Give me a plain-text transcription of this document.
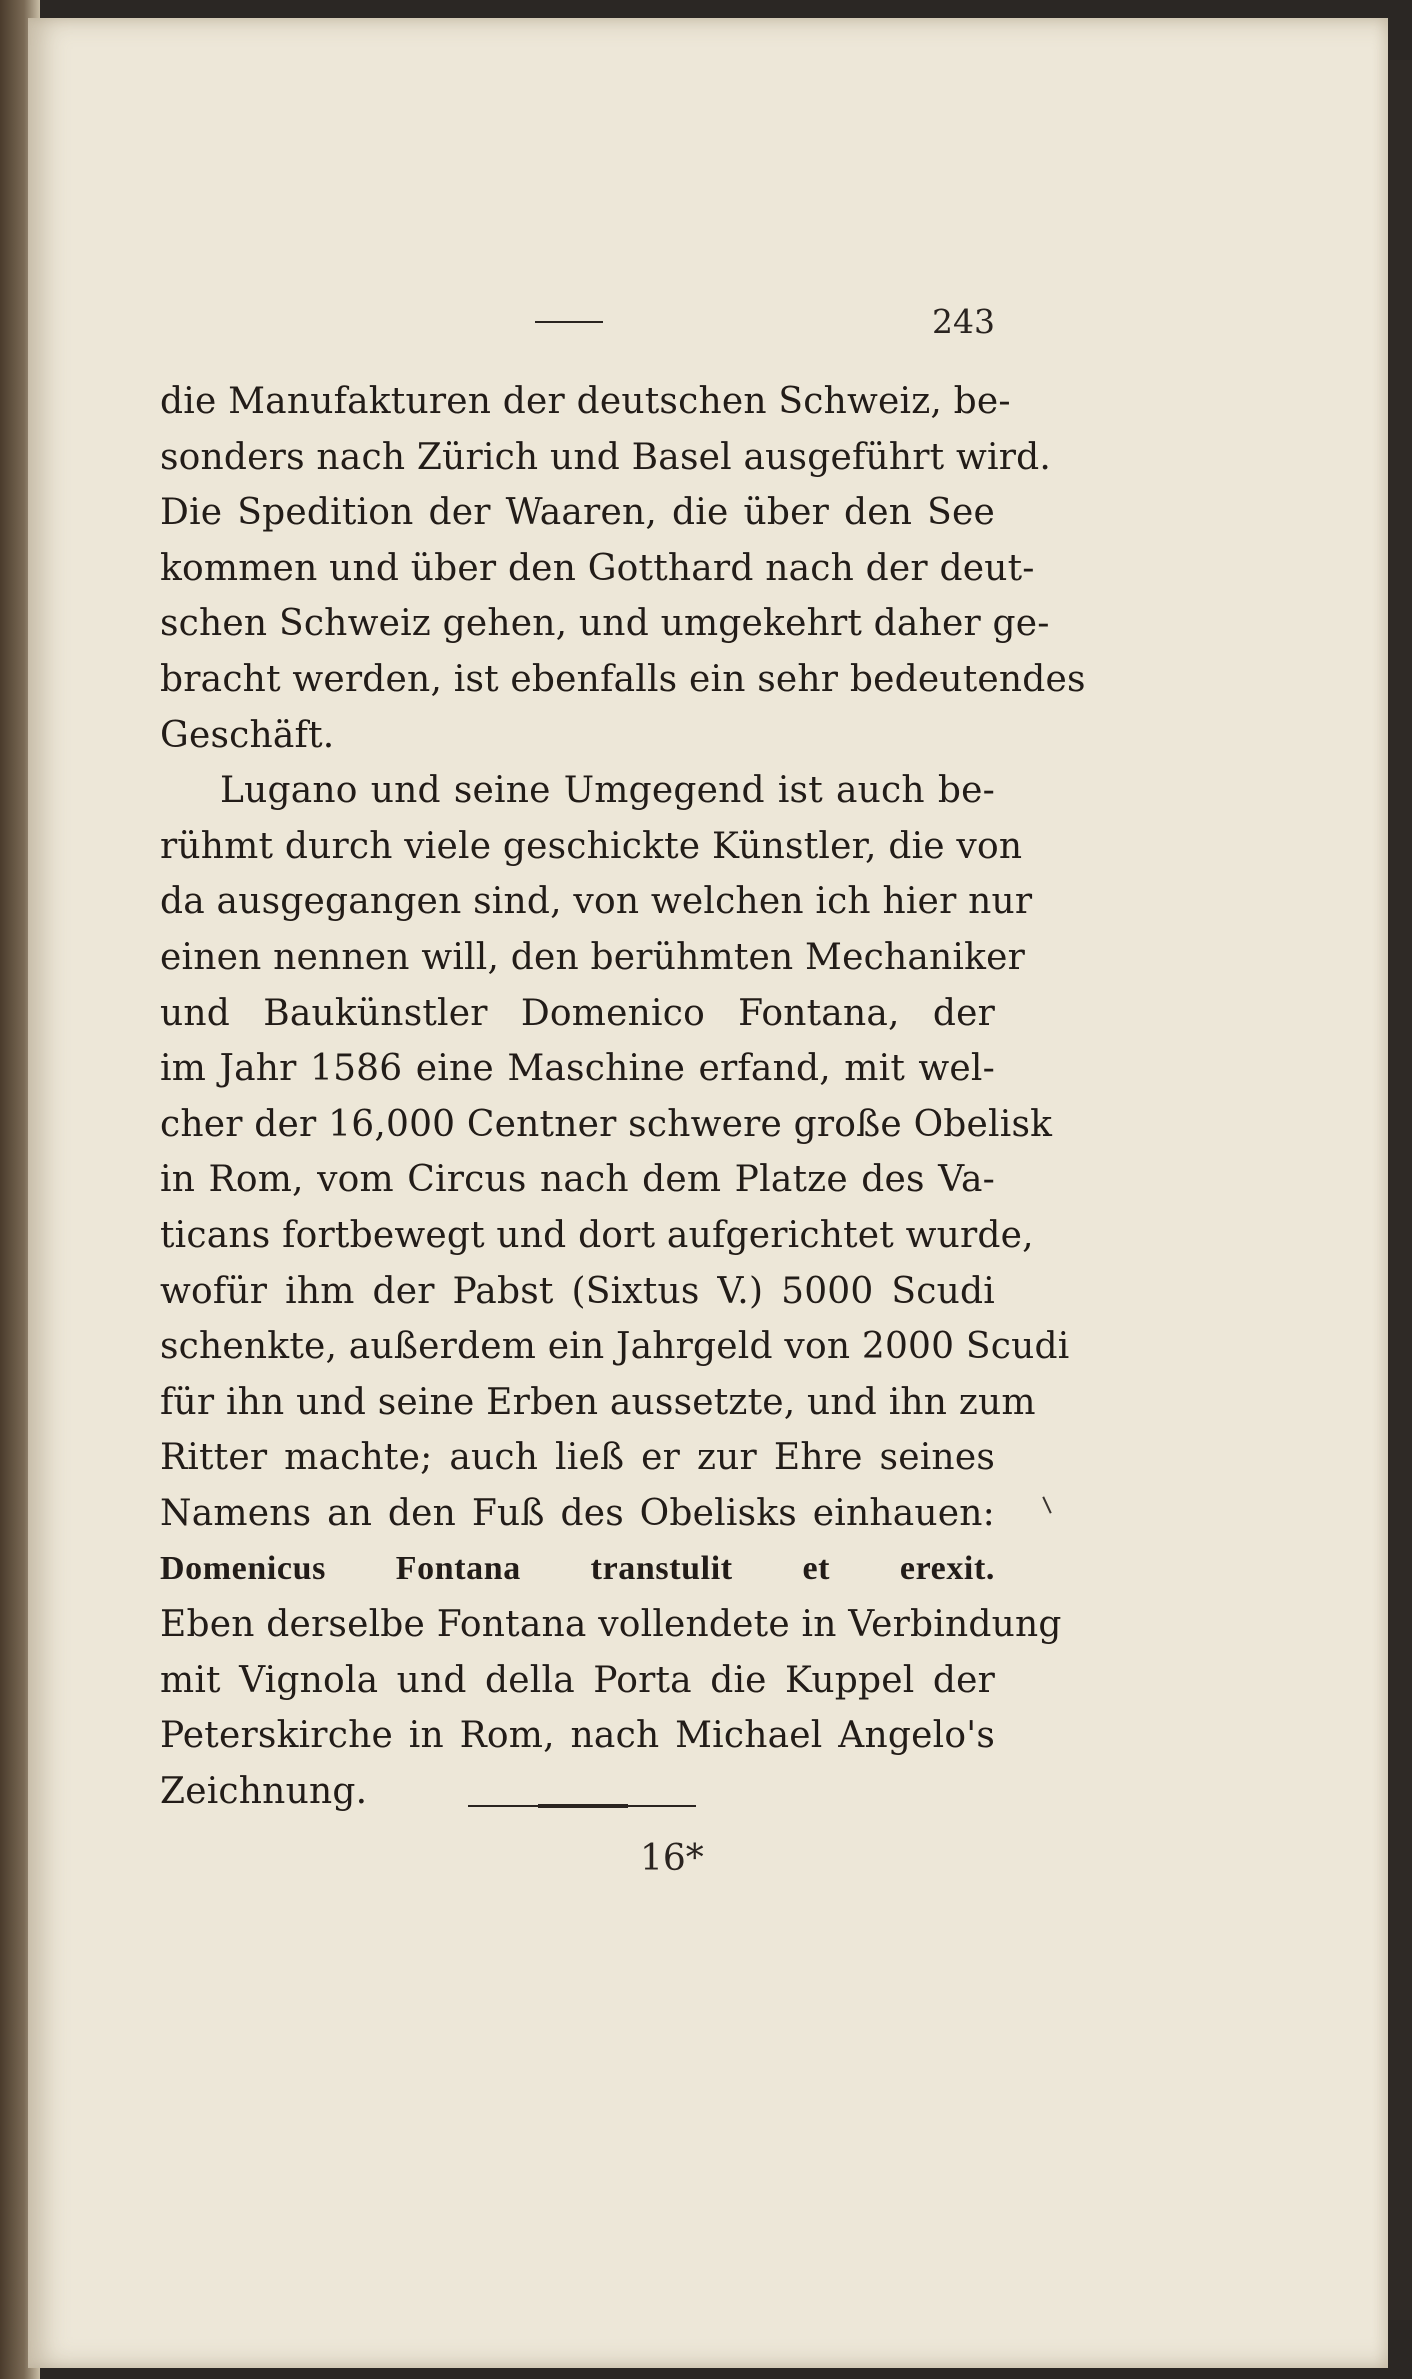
243
die Manufakturen der deutschen Schweiz, be-
sonders nach Zürich und Basel ausgeführt wird.
Die Spedition der Waaren, die über den See
kommen und über den Gotthard nach der deut-
schen Schweiz gehen, und umgekehrt daher ge-
bracht werden, ist ebenfalls ein sehr bedeutendes
Geschäft.
Lugano und seine Umgegend ist auch be-
rühmt durch viele geschickte Künstler, die von
da ausgegangen sind, von welchen ich hier nur
einen nennen will, den berühmten Mechaniker
und Baukünstler Domenico Fontana, der
im Jahr 1586 eine Maschine erfand, mit wel-
cher der 16,000 Centner schwere große Obelisk
in Rom, vom Circus nach dem Platze des Va-
ticans fortbewegt und dort aufgerichtet wurde,
wofür ihm der Pabst (Sixtus V.) 5000 Scudi
schenkte, außerdem ein Jahrgeld von 2000 Scudi
für ihn und seine Erben aussetzte, und ihn zum
Ritter machte; auch ließ er zur Ehre seines
Namens an den Fuß des Obelisks einhauen:
Domenicus Fontana transtulit et erexit.
Eben derselbe Fontana vollendete in Verbindung
mit Vignola und della Porta die Kuppel der
Peterskirche in Rom, nach Michael Angelo's
Zeichnung.
16*
